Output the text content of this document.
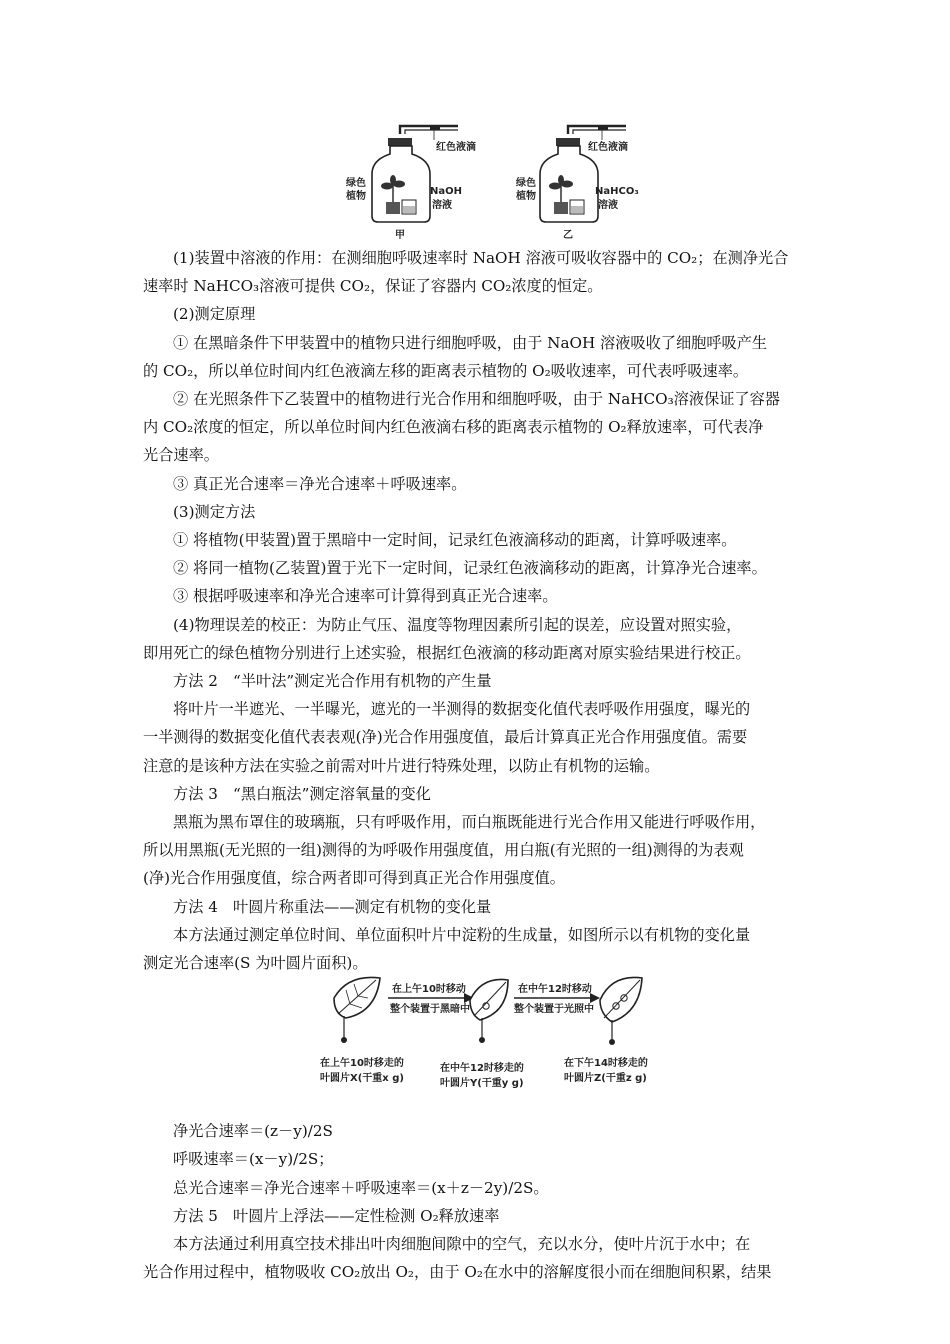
红色液滴
绿色
植物	NaOH
溶液
甲
红色液滴
绿色
植物	NaHCO₃
溶液
乙

(1)装置中溶液的作用：在测细胞呼吸速率时 NaOH 溶液可吸收容器中的 CO₂；在测净光合

速率时 NaHCO₃溶液可提供 CO₂，保证了容器内 CO₂浓度的恒定。

(2)测定原理

① 在黑暗条件下甲装置中的植物只进行细胞呼吸，由于 NaOH 溶液吸收了细胞呼吸产生

的 CO₂，所以单位时间内红色液滴左移的距离表示植物的 O₂吸收速率，可代表呼吸速率。

② 在光照条件下乙装置中的植物进行光合作用和细胞呼吸，由于 NaHCO₃溶液保证了容器

内 CO₂浓度的恒定，所以单位时间内红色液滴右移的距离表示植物的 O₂释放速率，可代表净

光合速率。

③ 真正光合速率＝净光合速率＋呼吸速率。

(3)测定方法

① 将植物(甲装置)置于黑暗中一定时间，记录红色液滴移动的距离，计算呼吸速率。

② 将同一植物(乙装置)置于光下一定时间，记录红色液滴移动的距离，计算净光合速率。

③ 根据呼吸速率和净光合速率可计算得到真正光合速率。

(4)物理误差的校正：为防止气压、温度等物理因素所引起的误差，应设置对照实验，

即用死亡的绿色植物分别进行上述实验，根据红色液滴的移动距离对原实验结果进行校正。

方法 2　“半叶法”测定光合作用有机物的产生量

将叶片一半遮光、一半曝光，遮光的一半测得的数据变化值代表呼吸作用强度，曝光的

一半测得的数据变化值代表表观(净)光合作用强度值，最后计算真正光合作用强度值。需要

注意的是该种方法在实验之前需对叶片进行特殊处理，以防止有机物的运输。

方法 3　“黑白瓶法”测定溶氧量的变化

黑瓶为黑布罩住的玻璃瓶，只有呼吸作用，而白瓶既能进行光合作用又能进行呼吸作用，

所以用黑瓶(无光照的一组)测得的为呼吸作用强度值，用白瓶(有光照的一组)测得的为表观

(净)光合作用强度值，综合两者即可得到真正光合作用强度值。

方法 4　叶圆片称重法——测定有机物的变化量

本方法通过测定单位时间、单位面积叶片中淀粉的生成量，如图所示以有机物的变化量

测定光合速率(S 为叶圆片面积)。

净光合速率＝(z－y)/2S

呼吸速率＝(x－y)/2S；

总光合速率＝净光合速率＋呼吸速率＝(x＋z－2y)/2S。

方法 5　叶圆片上浮法——定性检测 O₂释放速率

本方法通过利用真空技术排出叶肉细胞间隙中的空气，充以水分，使叶片沉于水中；在

光合作用过程中，植物吸收 CO₂放出 O₂，由于 O₂在水中的溶解度很小而在细胞间积累，结果

在上午10时移动
整个装置于黑暗中
在中午12时移动
整个装置于光照中
在上午10时移走的
叶圆片X(干重x g)
在中午12时移走的
叶圆片Y(干重y g)
在下午14时移走的
叶圆片Z(干重z g)
